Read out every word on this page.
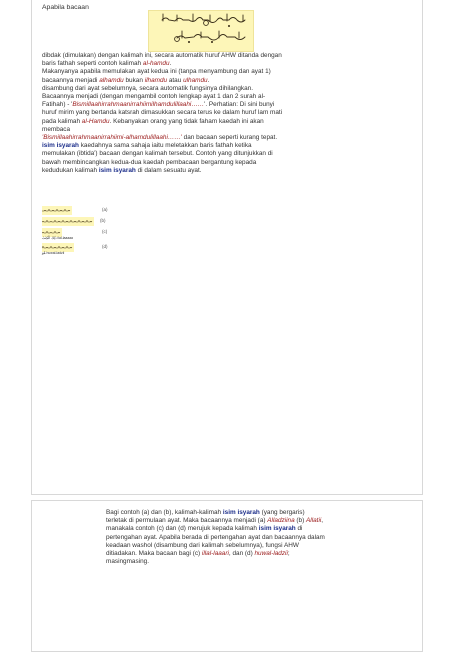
Apabila bacaan
dibdak (dimulakan) dengan kalimah ini, secara automatik huruf AHW ditanda dengan
baris fathah seperti contoh kalimah al-hamdu.
Makanyanya apabila memulakan ayat kedua ini (tanpa menyambung dan ayat 1)
bacaannya menjadi alhamdu bukan ilhamdu atau ulhamdu.
disambung dari ayat sebelumnya, secara automatik fungsinya dihilangkan.
Bacaannya menjadi (dengan mengambil contoh lengkap ayat 1 dan 2 surah al-
Fatihah) - 'Bismillaahirrahmaanirrahiimilhamdulillaahi……'. Perhatian: Di sini bunyi
huruf mirim yang bertanda katsrah dimasukkan secara terus ke dalam huruf lam mati
pada kalimah al-Hamdu. Kebanyakan orang yang tidak faham kaedah ini akan
membaca
'Bismillaahirrahmaanirrahiimi-alhamdulillaahi……' dan bacaan seperti kurang tepat.
isim isyarah kaedahnya sama sahaja iaitu meletakkan baris fathah ketika
memulakan (ibtida') bacaan dengan kalimah tersebut. Contoh yang ditunjukkan di
bawah membincangkan kedua-dua kaedah pembacaan bergantung kepada
kedudukan kalimah isim isyarah di dalam sesuatu ayat.
(a)
(b)
(c)
ذٰلِكَ الْكِتٰبُ ilal-laaaaa
(d)
هُوَ huwal-ladzii
Bagi contoh (a) dan (b), kalimah-kalimah isim isyarah (yang bergaris)
terletak di permulaan ayat. Maka bacaannya menjadi (a) Alladziina (b) Allatii,
manakala contoh (c) dan (d) merujuk kepada kalimah isim isyarah di
pertengahan ayat. Apabila berada di pertengahan ayat dan bacaannya dalam
keadaan washol (disambung dari kalimah sebelumnya), fungsi AHW
ditiadakan. Maka bacaan bagi (c) illal-laaari, dan (d) huwal-ladzii;
masingmasing.
